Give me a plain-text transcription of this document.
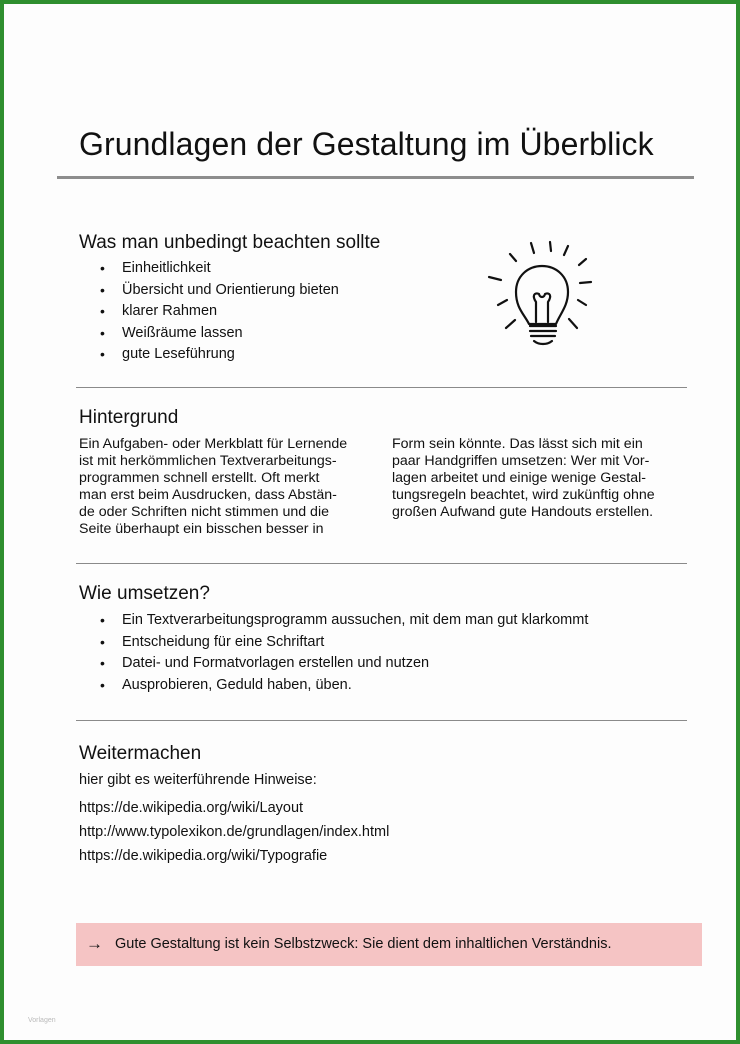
Grundlagen der Gestaltung im Überblick
Was man unbedingt beachten sollte
• Einheitlichkeit
• Übersicht und Orientierung bieten
• klarer Rahmen
• Weißräume lassen
• gute Leseführung
Hintergrund
Ein Aufgaben- oder Merkblatt für Lernende
ist mit herkömmlichen Textverarbeitungs-
programmen schnell erstellt. Oft merkt
man erst beim Ausdrucken, dass Abstän-
de oder Schriften nicht stimmen und die
Seite überhaupt ein bisschen besser in
Form sein könnte. Das lässt sich mit ein
paar Handgriffen umsetzen: Wer mit Vor-
lagen arbeitet und einige wenige Gestal-
tungsregeln beachtet, wird zukünftig ohne
großen Aufwand gute Handouts erstellen.
Wie umsetzen?
• Ein Textverarbeitungsprogramm aussuchen, mit dem man gut klarkommt
• Entscheidung für eine Schriftart
• Datei- und Formatvorlagen erstellen und nutzen
• Ausprobieren, Geduld haben, üben.
Weitermachen
hier gibt es weiterführende Hinweise:
https://de.wikipedia.org/wiki/Layout
http://www.typolexikon.de/grundlagen/index.html
https://de.wikipedia.org/wiki/Typografie
→ Gute Gestaltung ist kein Selbstzweck: Sie dient dem inhaltlichen Verständnis.
Vorlagen
